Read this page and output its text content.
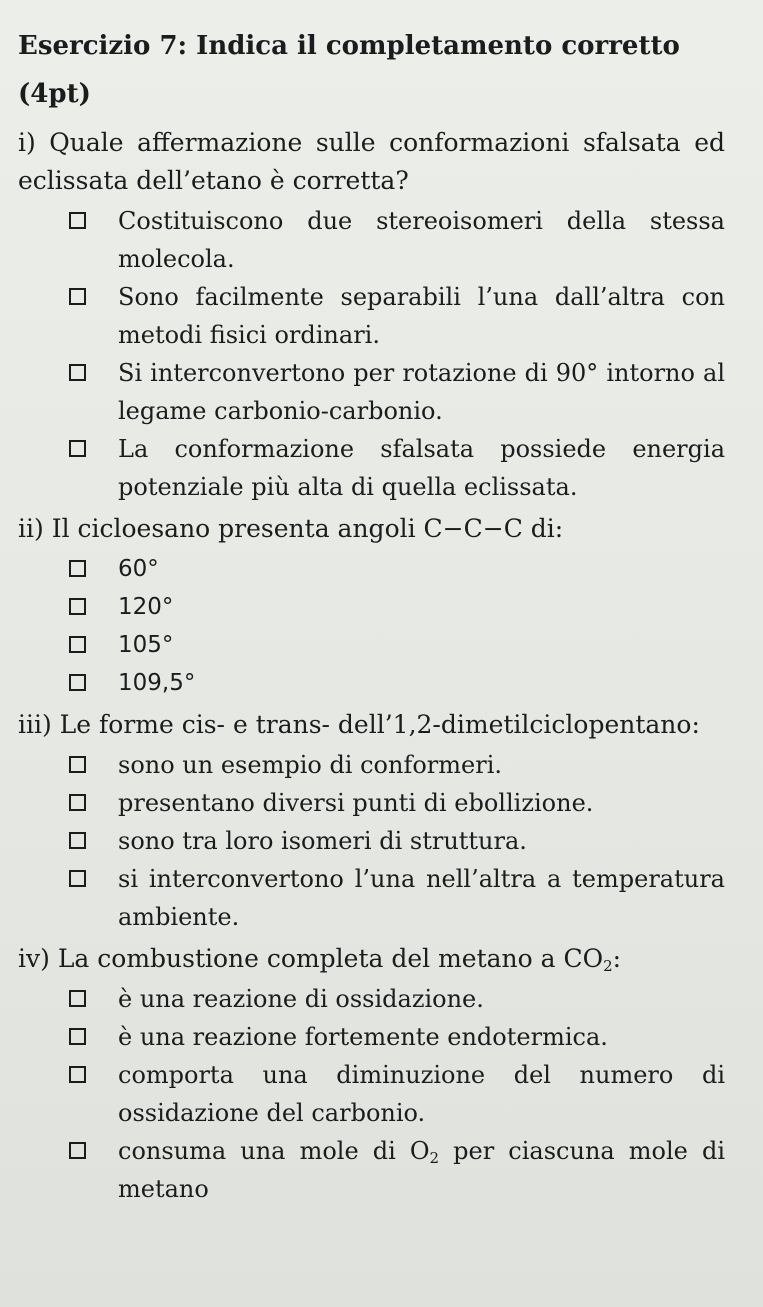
Esercizio 7: Indica il completamento corretto

(4pt)

i) Quale affermazione sulle conformazioni sfalsata ed eclissata dell’etano è corretta?

Costituiscono due stereoisomeri della stessa molecola.
Sono facilmente separabili l’una dall’altra con metodi fisici ordinari.
Si interconvertono per rotazione di 90° intorno al legame carbonio-carbonio.
La conformazione sfalsata possiede energia potenziale più alta di quella eclissata.

ii) Il cicloesano presenta angoli C−C−C di:

60°
120°
105°
109,5°

iii) Le forme cis- e trans- dell’1,2-dimetilciclopentano:

sono un esempio di conformeri.
presentano diversi punti di ebollizione.
sono tra loro isomeri di struttura.
si interconvertono l’una nell’altra a temperatura ambiente.

iv) La combustione completa del metano a $CO_2$:

è una reazione di ossidazione.
è una reazione fortemente endotermica.
comporta una diminuzione del numero di ossidazione del carbonio.
consuma una mole di $O_2$ per ciascuna mole di metano
